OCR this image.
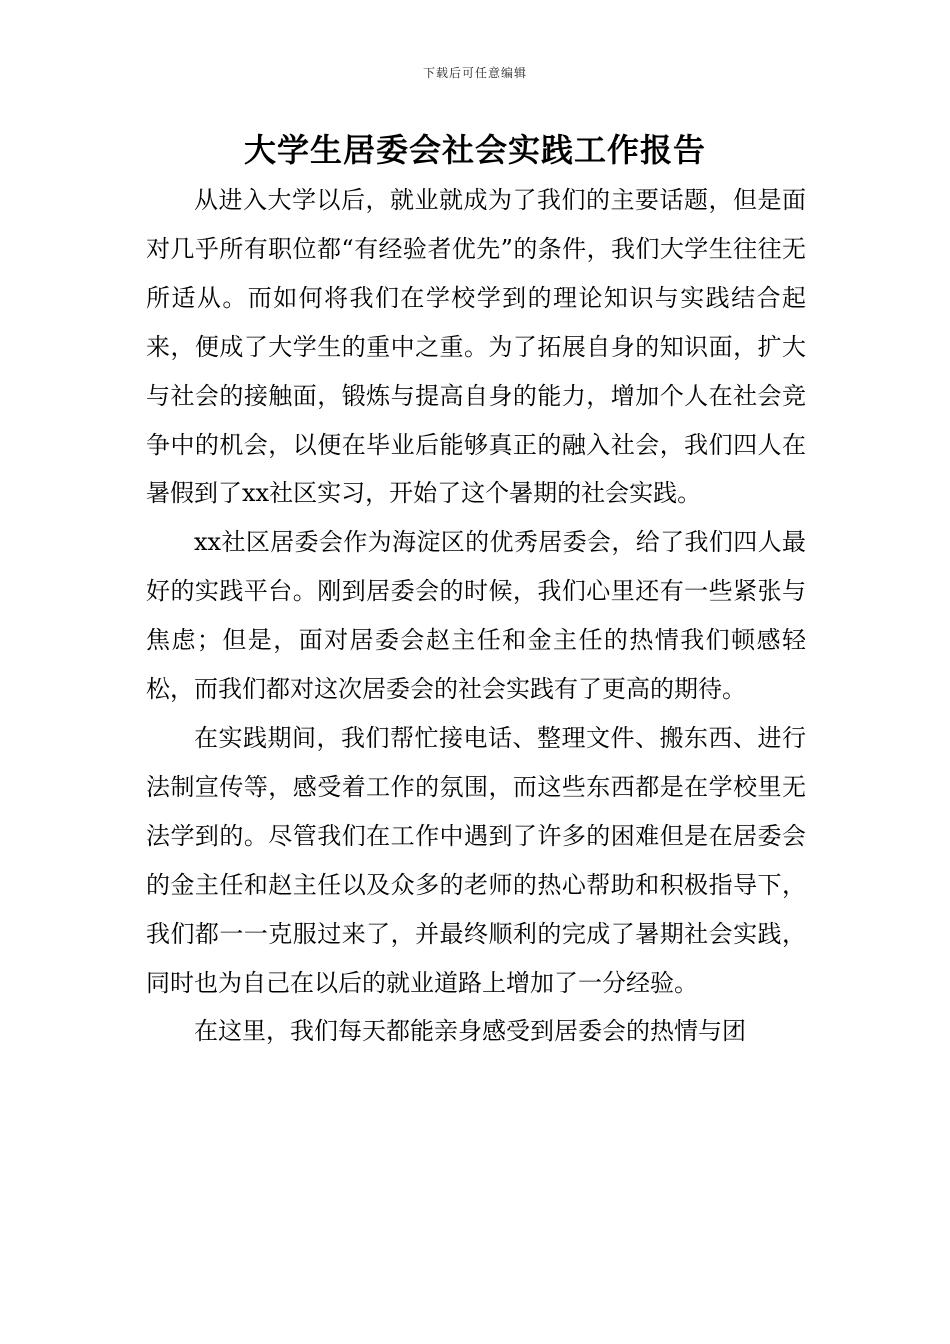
下载后可任意编辑
大学生居委会社会实践工作报告

从进入大学以后，就业就成为了我们的主要话题，但是面对几乎所有职位都“有经验者优先”的条件，我们大学生往往无所适从。而如何将我们在学校学到的理论知识与实践结合起来，便成了大学生的重中之重。为了拓展自身的知识面，扩大与社会的接触面，锻炼与提高自身的能力，增加个人在社会竞争中的机会，以便在毕业后能够真正的融入社会，我们四人在暑假到了xx社区实习，开始了这个暑期的社会实践。

xx社区居委会作为海淀区的优秀居委会，给了我们四人最好的实践平台。刚到居委会的时候，我们心里还有一些紧张与焦虑；但是，面对居委会赵主任和金主任的热情我们顿感轻松，而我们都对这次居委会的社会实践有了更高的期待。

在实践期间，我们帮忙接电话、整理文件、搬东西、进行法制宣传等，感受着工作的氛围，而这些东西都是在学校里无法学到的。尽管我们在工作中遇到了许多的困难但是在居委会的金主任和赵主任以及众多的老师的热心帮助和积极指导下，我们都一一克服过来了，并最终顺利的完成了暑期社会实践，同时也为自己在以后的就业道路上增加了一分经验。

在这里，我们每天都能亲身感受到居委会的热情与团
